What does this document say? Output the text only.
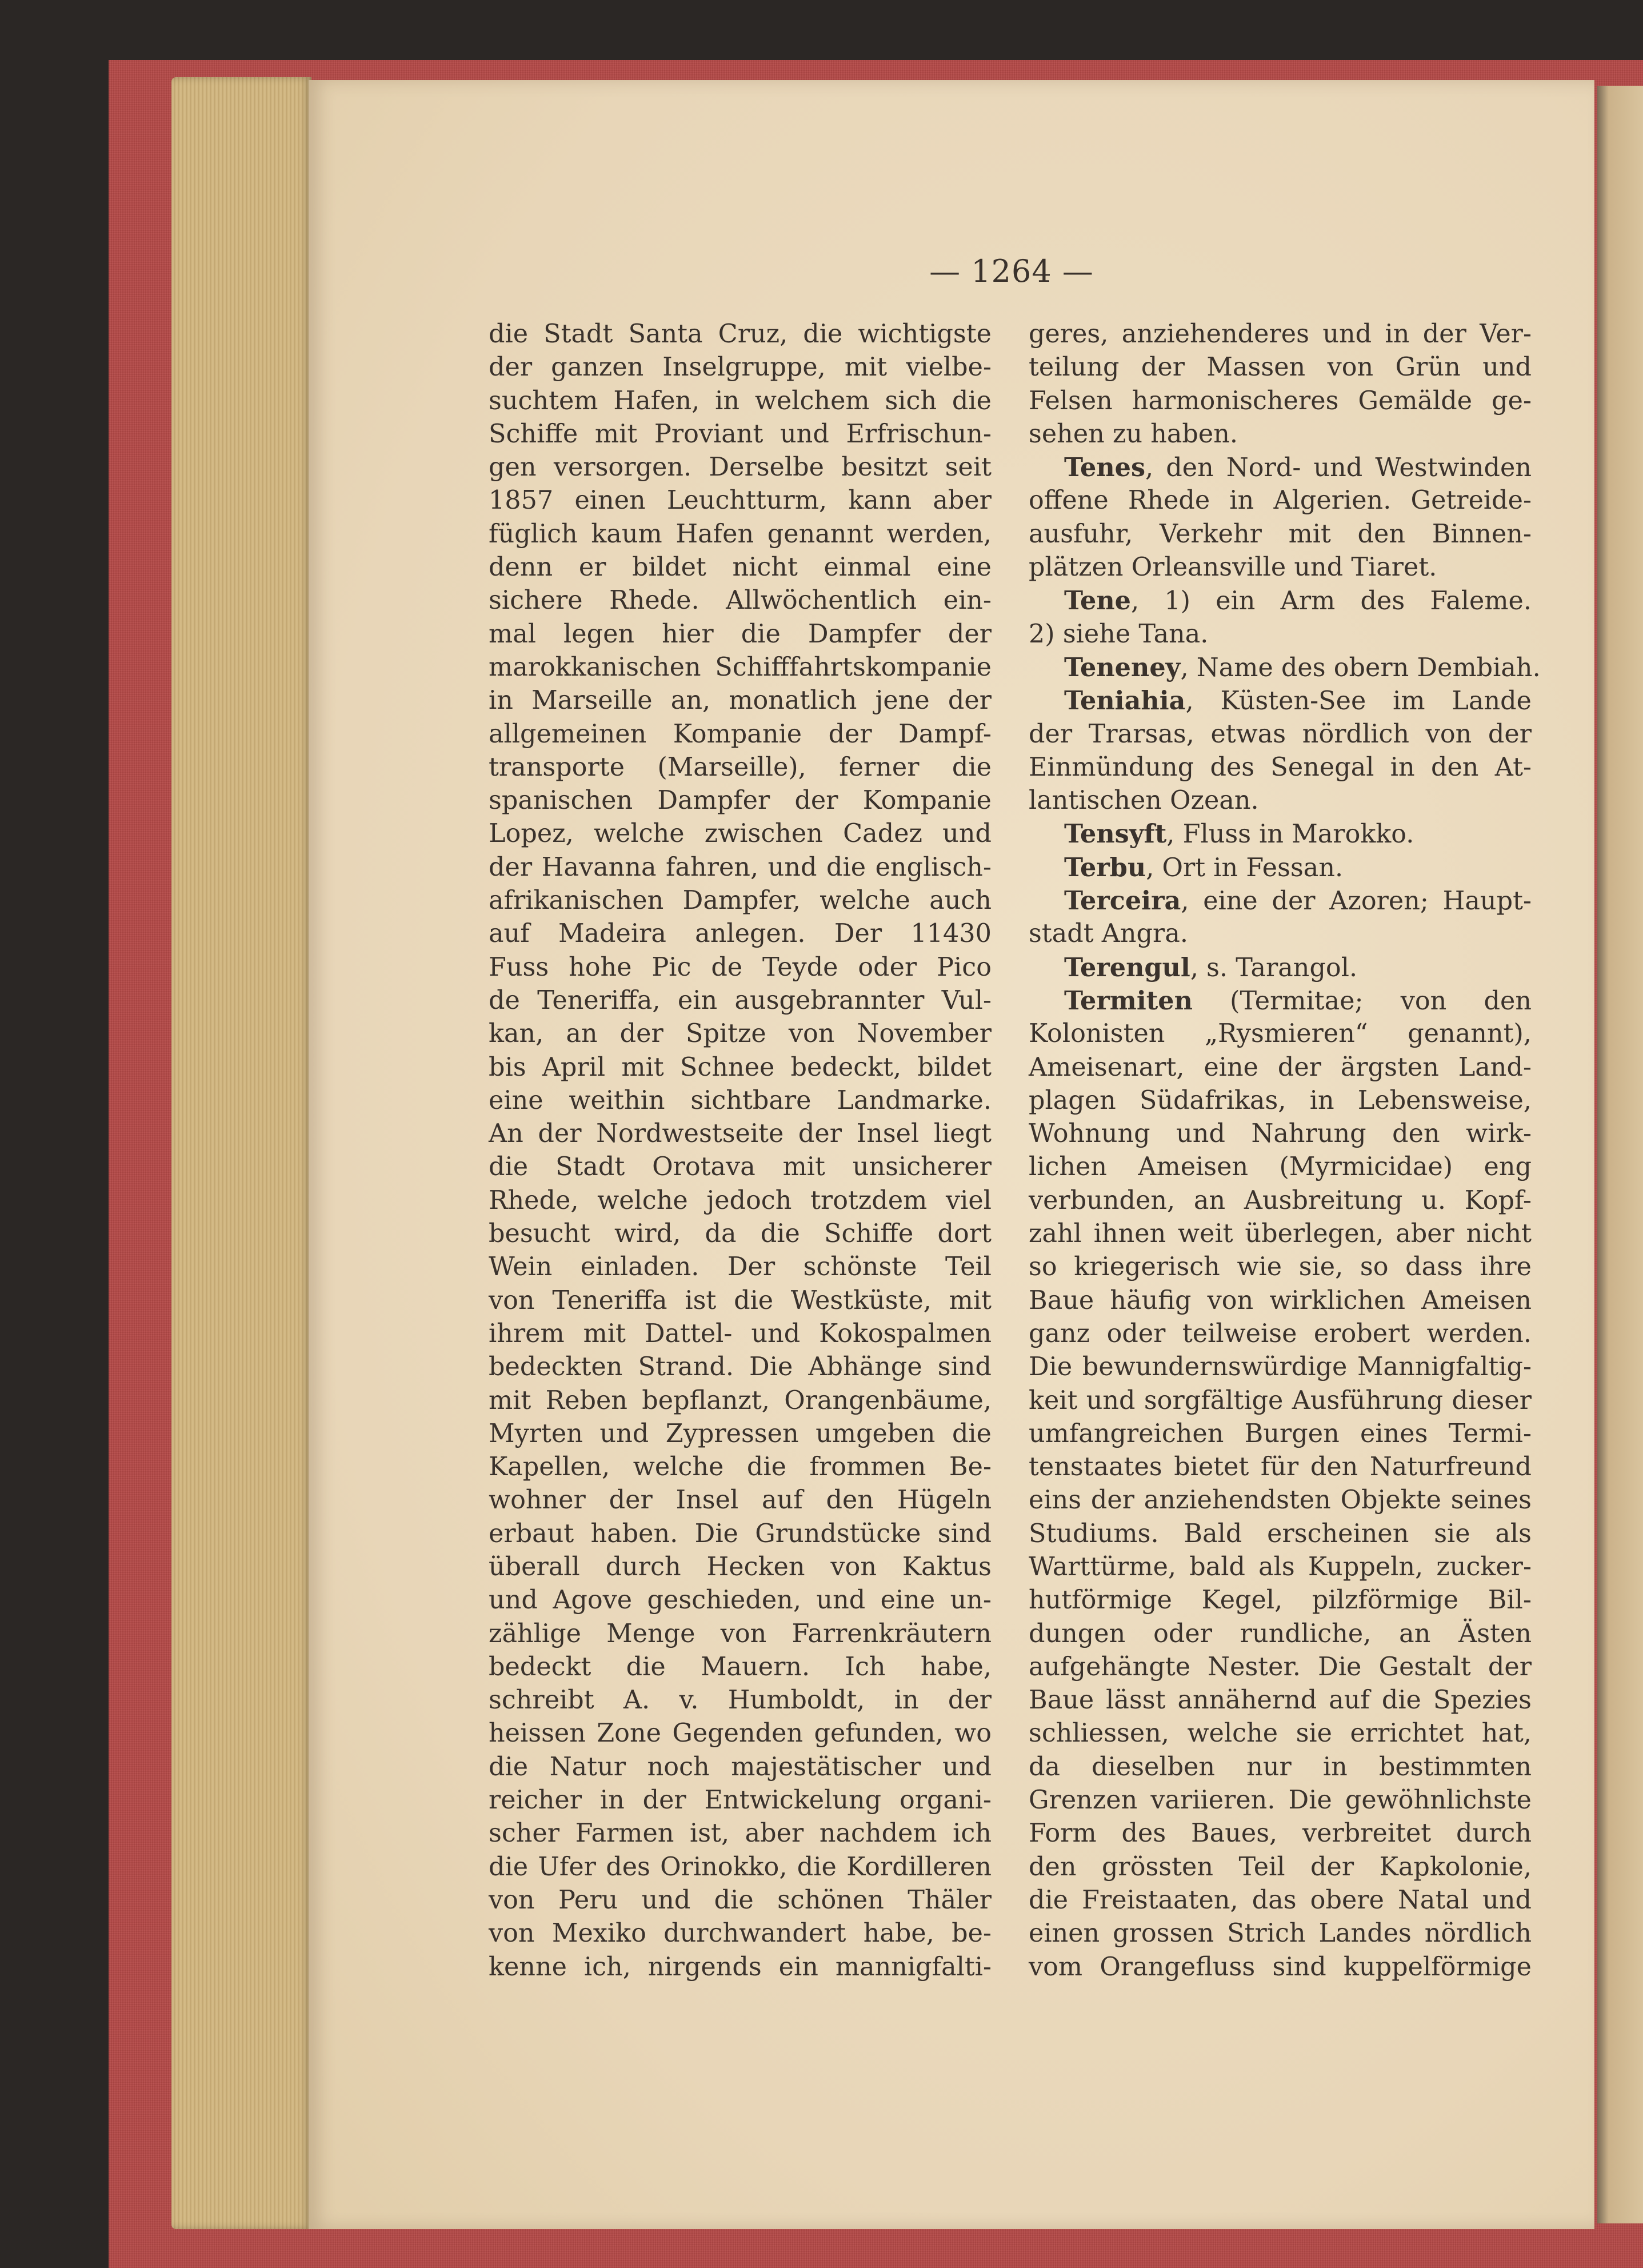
— 1264 —
die Stadt Santa Cruz, die wichtigste
der ganzen Inselgruppe, mit vielbe-
suchtem Hafen, in welchem sich die
Schiffe mit Proviant und Erfrischun-
gen versorgen. Derselbe besitzt seit
1857 einen Leuchtturm, kann aber
füglich kaum Hafen genannt werden,
denn er bildet nicht einmal eine
sichere Rhede. Allwöchentlich ein-
mal legen hier die Dampfer der
marokkanischen Schifffahrtskompanie
in Marseille an, monatlich jene der
allgemeinen Kompanie der Dampf-
transporte (Marseille), ferner die
spanischen Dampfer der Kompanie
Lopez, welche zwischen Cadez und
der Havanna fahren, und die englisch-
afrikanischen Dampfer, welche auch
auf Madeira anlegen. Der 11430
Fuss hohe Pic de Teyde oder Pico
de Teneriffa, ein ausgebrannter Vul-
kan, an der Spitze von November
bis April mit Schnee bedeckt, bildet
eine weithin sichtbare Landmarke.
An der Nordwestseite der Insel liegt
die Stadt Orotava mit unsicherer
Rhede, welche jedoch trotzdem viel
besucht wird, da die Schiffe dort
Wein einladen. Der schönste Teil
von Teneriffa ist die Westküste, mit
ihrem mit Dattel- und Kokospalmen
bedeckten Strand. Die Abhänge sind
mit Reben bepflanzt, Orangenbäume,
Myrten und Zypressen umgeben die
Kapellen, welche die frommen Be-
wohner der Insel auf den Hügeln
erbaut haben. Die Grundstücke sind
überall durch Hecken von Kaktus
und Agove geschieden, und eine un-
zählige Menge von Farrenkräutern
bedeckt die Mauern. Ich habe,
schreibt A. v. Humboldt, in der
heissen Zone Gegenden gefunden, wo
die Natur noch majestätischer und
reicher in der Entwickelung organi-
scher Farmen ist, aber nachdem ich
die Ufer des Orinokko, die Kordilleren
von Peru und die schönen Thäler
von Mexiko durchwandert habe, be-
kenne ich, nirgends ein mannigfalti-
geres, anziehenderes und in der Ver-
teilung der Massen von Grün und
Felsen harmonischeres Gemälde ge-
sehen zu haben.
Tenes, den Nord- und Westwinden
offene Rhede in Algerien. Getreide-
ausfuhr, Verkehr mit den Binnen-
plätzen Orleansville und Tiaret.
Tene, 1) ein Arm des Faleme.
2) siehe Tana.
Teneney, Name des obern Dembiah.
Teniahia, Küsten-See im Lande
der Trarsas, etwas nördlich von der
Einmündung des Senegal in den At-
lantischen Ozean.
Tensyft, Fluss in Marokko.
Terbu, Ort in Fessan.
Terceira, eine der Azoren; Haupt-
stadt Angra.
Terengul, s. Tarangol.
Termiten (Termitae; von den
Kolonisten „Rysmieren“ genannt),
Ameisenart, eine der ärgsten Land-
plagen Südafrikas, in Lebensweise,
Wohnung und Nahrung den wirk-
lichen Ameisen (Myrmicidae) eng
verbunden, an Ausbreitung u. Kopf-
zahl ihnen weit überlegen, aber nicht
so kriegerisch wie sie, so dass ihre
Baue häufig von wirklichen Ameisen
ganz oder teilweise erobert werden.
Die bewundernswürdige Mannigfaltig-
keit und sorgfältige Ausführung dieser
umfangreichen Burgen eines Termi-
tenstaates bietet für den Naturfreund
eins der anziehendsten Objekte seines
Studiums. Bald erscheinen sie als
Warttürme, bald als Kuppeln, zucker-
hutförmige Kegel, pilzförmige Bil-
dungen oder rundliche, an Ästen
aufgehängte Nester. Die Gestalt der
Baue lässt annähernd auf die Spezies
schliessen, welche sie errichtet hat,
da dieselben nur in bestimmten
Grenzen variieren. Die gewöhnlichste
Form des Baues, verbreitet durch
den grössten Teil der Kapkolonie,
die Freistaaten, das obere Natal und
einen grossen Strich Landes nördlich
vom Orangefluss sind kuppelförmige
